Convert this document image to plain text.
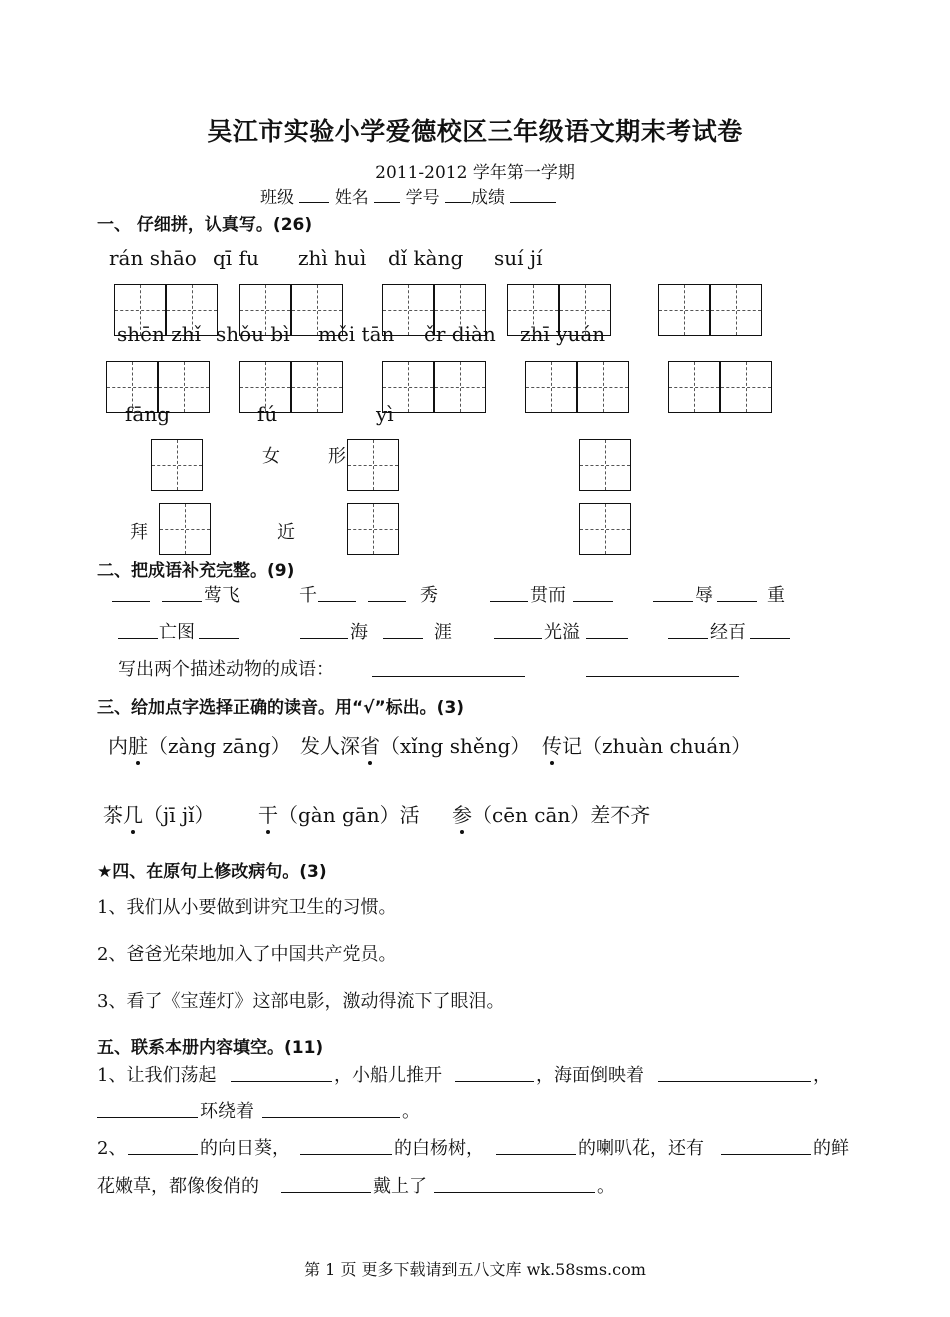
吴江市实验小学爱德校区三年级语文期末考试卷
2011-2012 学年第一学期
班级 姓名 学号 成绩
一、 仔细拼，认真写。(26)
rán shāo qī fu zhì huì dǐ kàng suí jí
shēn zhǐ shǒu bì měi tān ěr diàn zhī yuán
fāng	fú	yì
女	形
拜	近
二、把成语补充完整。(9)
莺飞	千	秀	贯而	辱	重
亡图	海	涯	光溢	经百
写出两个描述动物的成语：
三、给加点字选择正确的读音。用“√”标出。(3)
内脏（zàng zāng） 发人深省（xǐng shěng） 传记（zhuàn chuán）
茶几（jī jǐ） 干（gàn gān）活 参（cēn cān）差不齐
★四、在原句上修改病句。(3)
1、我们从小要做到讲究卫生的习惯。
2、爸爸光荣地加入了中国共产党员。
3、看了《宝莲灯》这部电影，激动得流下了眼泪。
五、联系本册内容填空。(11)
1、让我们荡起	，小船儿推开	，海面倒映着	，
环绕着	。
2、	的向日葵，	的白杨树，	的喇叭花，还有	的鲜
花嫩草，都像俊俏的	戴上了	。
第 1 页 更多下载请到五八文库 wk.58sms.com
